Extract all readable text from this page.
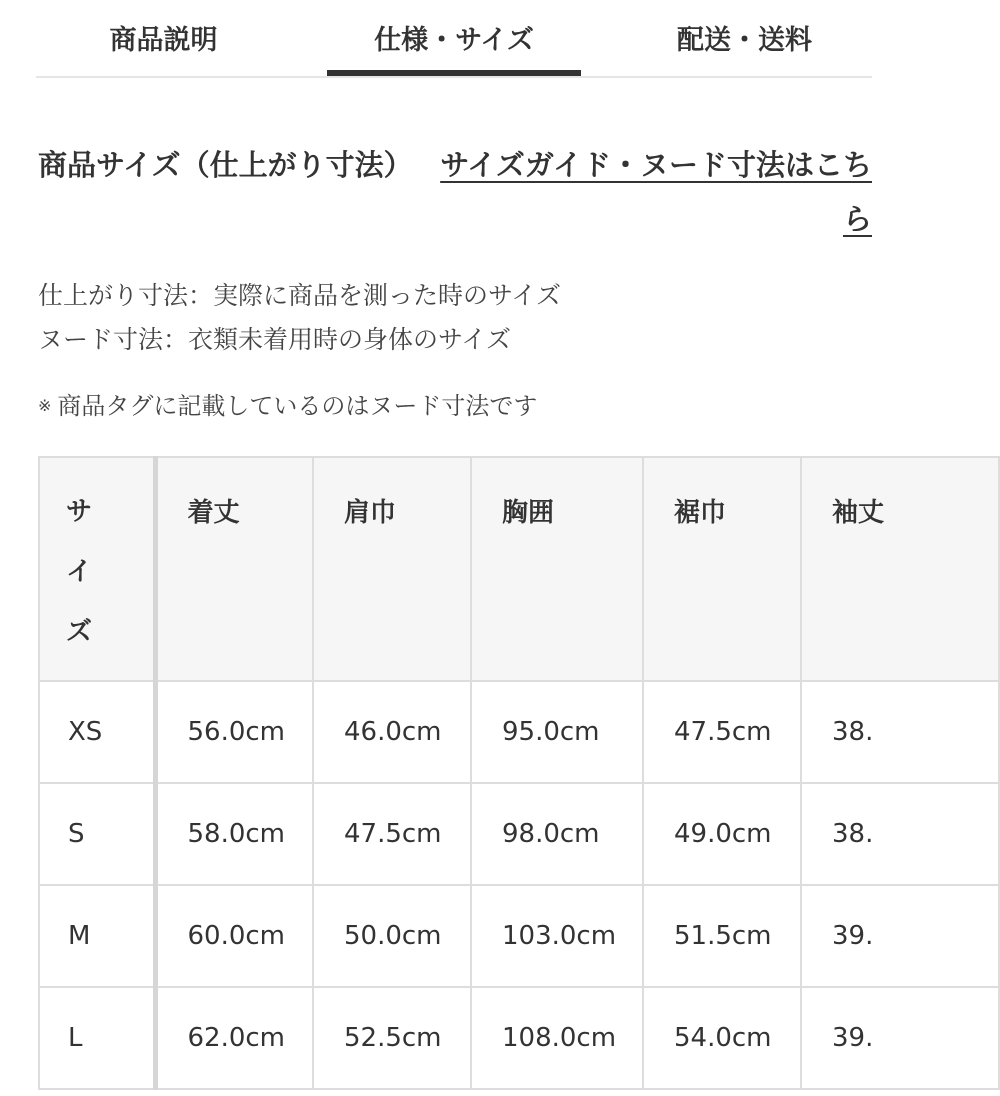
商品説明	仕様・サイズ	配送・送料
商品サイズ（仕上がり寸法） サイズガイド・ヌード寸法はこちら
仕上がり寸法：実際に商品を測った時のサイズ
ヌード寸法：衣類未着用時の身体のサイズ
※ 商品タグに記載しているのはヌード寸法です
サ
イ
ズ	着丈	肩巾	胸囲	裾巾	袖丈
XS	56.0cm	46.0cm	95.0cm	47.5cm	38.
S	58.0cm	47.5cm	98.0cm	49.0cm	38.
M	60.0cm	50.0cm	103.0cm	51.5cm	39.
L	62.0cm	52.5cm	108.0cm	54.0cm	39.
